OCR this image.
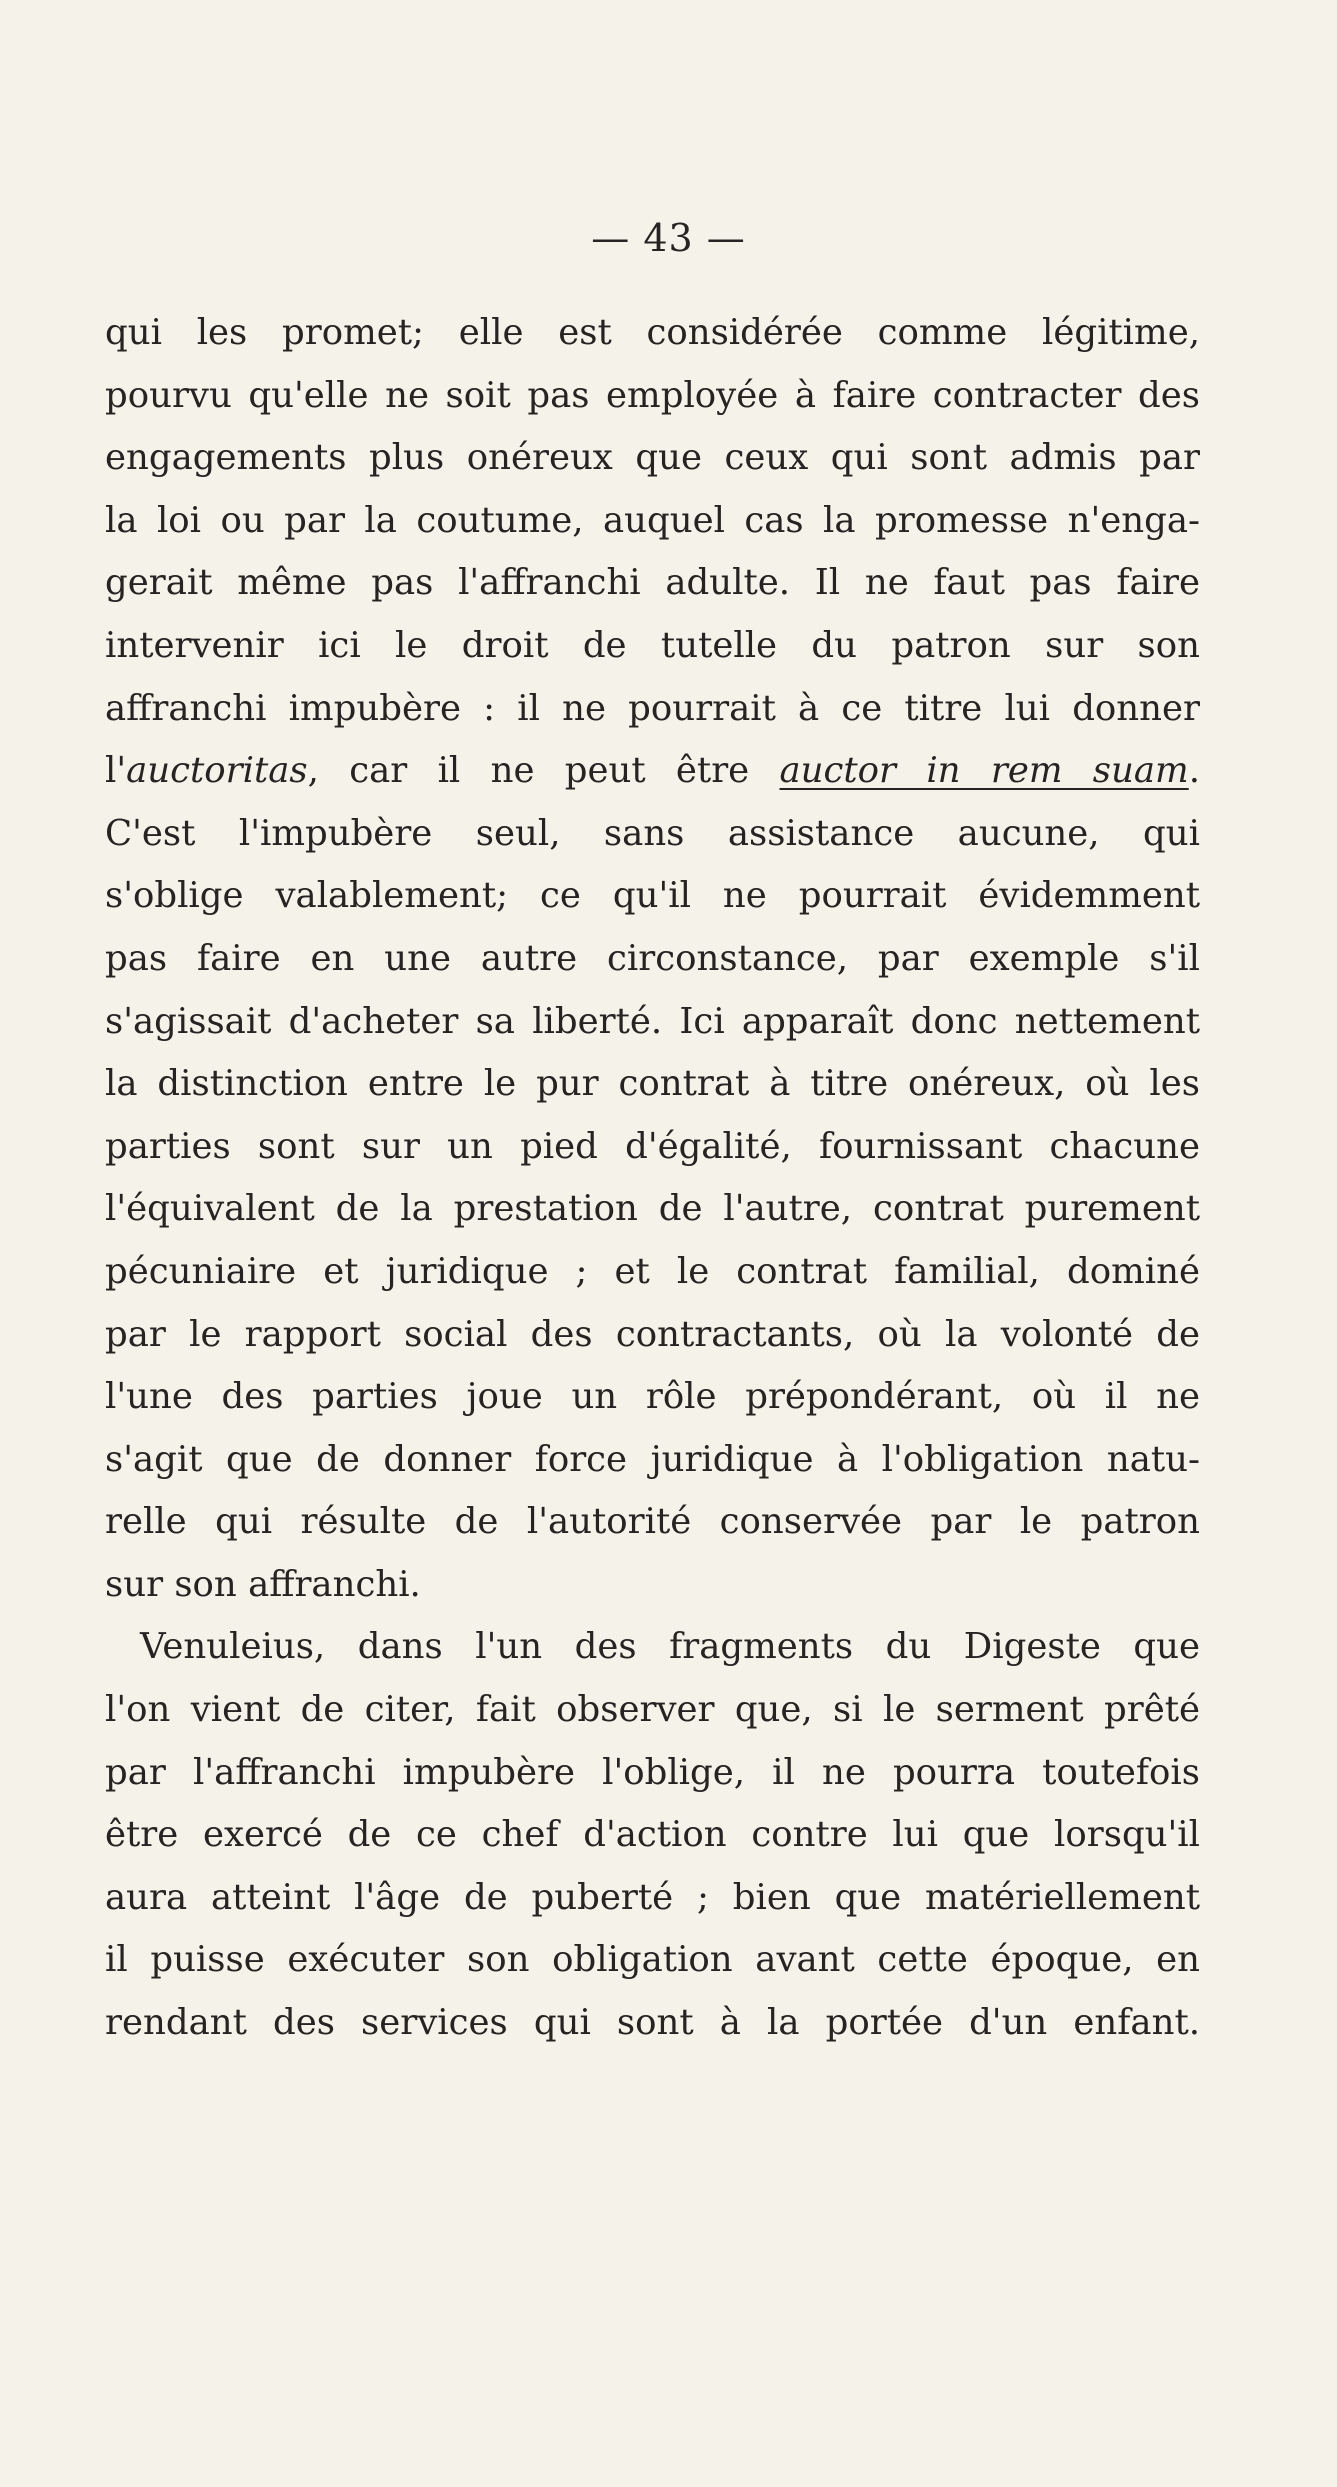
— 43 —
qui les promet; elle est considérée comme légitime,
pourvu qu'elle ne soit pas employée à faire contracter des
engagements plus onéreux que ceux qui sont admis par
la loi ou par la coutume, auquel cas la promesse n'enga-
gerait même pas l'affranchi adulte. Il ne faut pas faire
intervenir ici le droit de tutelle du patron sur son
affranchi impubère : il ne pourrait à ce titre lui donner
l'auctoritas, car il ne peut être auctor in rem suam.
C'est l'impubère seul, sans assistance aucune, qui
s'oblige valablement; ce qu'il ne pourrait évidemment
pas faire en une autre circonstance, par exemple s'il
s'agissait d'acheter sa liberté. Ici apparaît donc nettement
la distinction entre le pur contrat à titre onéreux, où les
parties sont sur un pied d'égalité, fournissant chacune
l'équivalent de la prestation de l'autre, contrat purement
pécuniaire et juridique ; et le contrat familial, dominé
par le rapport social des contractants, où la volonté de
l'une des parties joue un rôle prépondérant, où il ne
s'agit que de donner force juridique à l'obligation natu-
relle qui résulte de l'autorité conservée par le patron
sur son affranchi.
Venuleius, dans l'un des fragments du Digeste que
l'on vient de citer, fait observer que, si le serment prêté
par l'affranchi impubère l'oblige, il ne pourra toutefois
être exercé de ce chef d'action contre lui que lorsqu'il
aura atteint l'âge de puberté ; bien que matériellement
il puisse exécuter son obligation avant cette époque, en
rendant des services qui sont à la portée d'un enfant.
